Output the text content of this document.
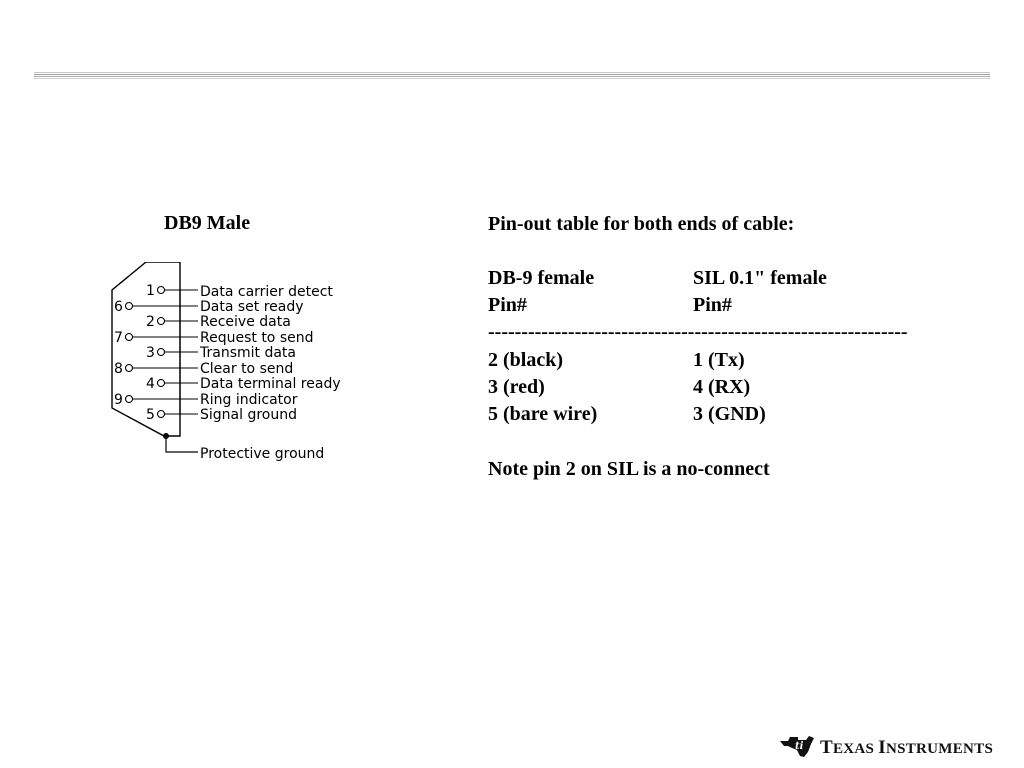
DB9 Male
1	Data carrier detect
6	Data set ready
2	Receive data
7	Request to send
3	Transmit data
8	Clear to send
4	Data terminal ready
9	Ring indicator
5	Signal ground
Protective ground
Pin-out table for both ends of cable:
DB-9 female	SIL 0.1" female
Pin#	Pin#
---------------------------------------------------------------
2 (black)	1 (Tx)
3 (red)	4 (RX)
5 (bare wire)	3 (GND)
Note pin 2 on SIL is a no-connect
ti TEXAS INSTRUMENTS
